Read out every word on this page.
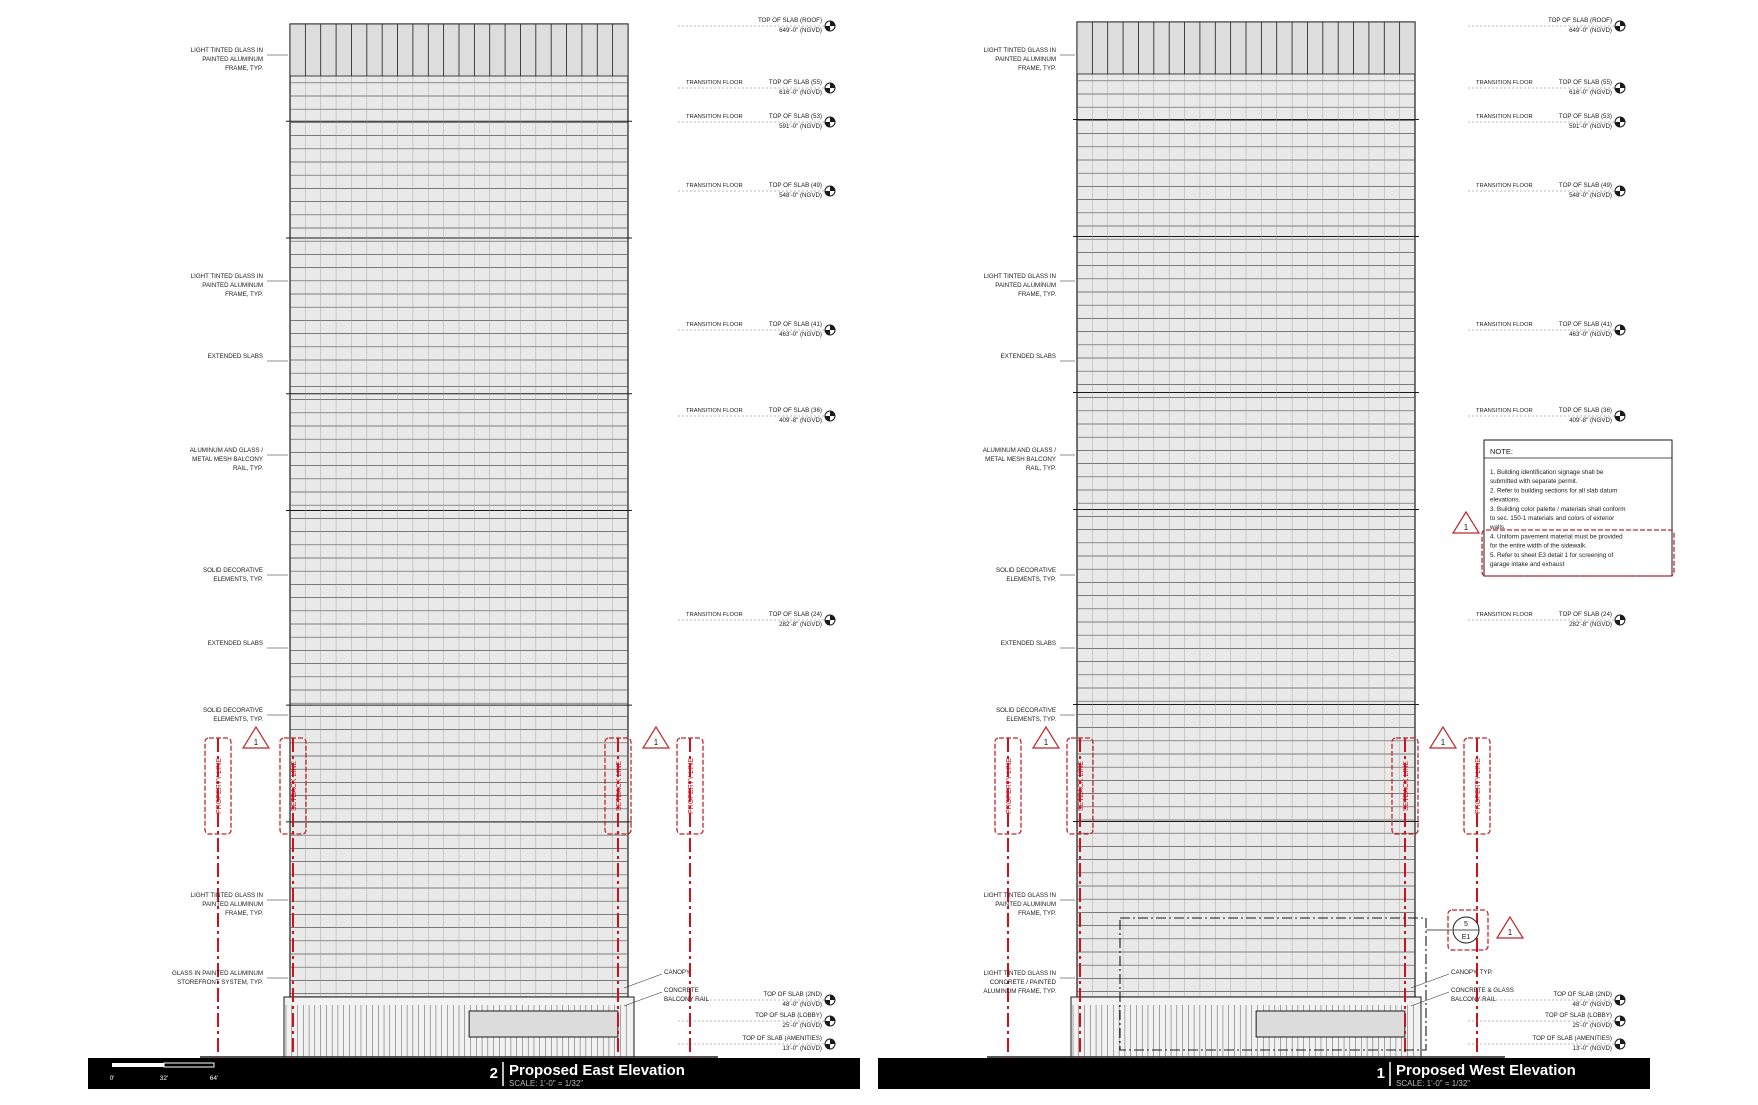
PROPERTY LINE
1
SETBACK LINE	SETBACK LINE
1
PROPERTY LINE
LIGHT TINTED GLASS IN
PAINTED ALUMINUM
FRAME, TYP.
LIGHT TINTED GLASS IN
PAINTED ALUMINUM
FRAME, TYP.
EXTENDED SLABS
ALUMINUM AND GLASS /
METAL MESH BALCONY
RAIL, TYP.
SOLID DECORATIVE
ELEMENTS, TYP.
EXTENDED SLABS
SOLID DECORATIVE
ELEMENTS, TYP.
LIGHT TINTED GLASS IN
PAINTED ALUMINUM
FRAME, TYP.
GLASS IN PAINTED ALUMINUM
STOREFRONT SYSTEM, TYP.
CANOPY
CONCRETE
BALCONY RAIL
TOP OF SLAB (ROOF)
649'-0" (NGVD)
TOP OF SLAB (55)
616'-0" (NGVD)
TRANSITION FLOOR
TOP OF SLAB (53)
591'-0" (NGVD)
TRANSITION FLOOR
TOP OF SLAB (49)
548'-0" (NGVD)
TRANSITION FLOOR
TOP OF SLAB (41)
463'-0" (NGVD)
TRANSITION FLOOR
TOP OF SLAB (36)
409'-8" (NGVD)
TRANSITION FLOOR
TOP OF SLAB (24)
282'-8" (NGVD)
TRANSITION FLOOR
TOP OF SLAB (2ND)
48'-0" (NGVD)
TOP OF SLAB (LOBBY)
25'-0" (NGVD)
TOP OF SLAB (AMENITIES)
13'-0" (NGVD)
2 Proposed East Elevation
SCALE: 1'-0" = 1/32"
0'	32'	64'
PROPERTY LINE
1
SETBACK LINE	SETBACK LINE
1
PROPERTY LINE
LIGHT TINTED GLASS IN
PAINTED ALUMINUM
FRAME, TYP.
LIGHT TINTED GLASS IN
PAINTED ALUMINUM
FRAME, TYP.
EXTENDED SLABS
ALUMINUM AND GLASS /
METAL MESH BALCONY
RAIL, TYP.
SOLID DECORATIVE
ELEMENTS, TYP.
EXTENDED SLABS
SOLID DECORATIVE
ELEMENTS, TYP.
LIGHT TINTED GLASS IN
PAINTED ALUMINUM
FRAME, TYP.
LIGHT TINTED GLASS IN
CONCRETE / PAINTED
ALUMINUM FRAME, TYP.
CANOPY, TYP.
CONCRETE & GLASS
BALCONY RAIL
TOP OF SLAB (ROOF)
649'-0" (NGVD)
TOP OF SLAB (55)
616'-0" (NGVD)
TRANSITION FLOOR
TOP OF SLAB (53)
591'-0" (NGVD)
TRANSITION FLOOR
TOP OF SLAB (49)
548'-0" (NGVD)
TRANSITION FLOOR
TOP OF SLAB (41)
463'-0" (NGVD)
TRANSITION FLOOR
TOP OF SLAB (36)
409'-8" (NGVD)
TRANSITION FLOOR
TOP OF SLAB (24)
282'-8" (NGVD)
TRANSITION FLOOR
TOP OF SLAB (2ND)
48'-0" (NGVD)
TOP OF SLAB (LOBBY)
25'-0" (NGVD)
TOP OF SLAB (AMENITIES)
13'-0" (NGVD)
NOTE:
1. Building identification signage shall be
submitted with separate permit.
2. Refer to building sections for all slab datum
elevations.
3. Building color palette / materials shall conform
to sec. 150-1 materials and colors of exterior
walls.
4. Uniform pavement material must be provided
for the entire width of the sidewalk.
5. Refer to sheet E3 detail 1 for screening of
garage intake and exhaust
1
5
E1
1
1 Proposed West Elevation
SCALE: 1'-0" = 1/32"
